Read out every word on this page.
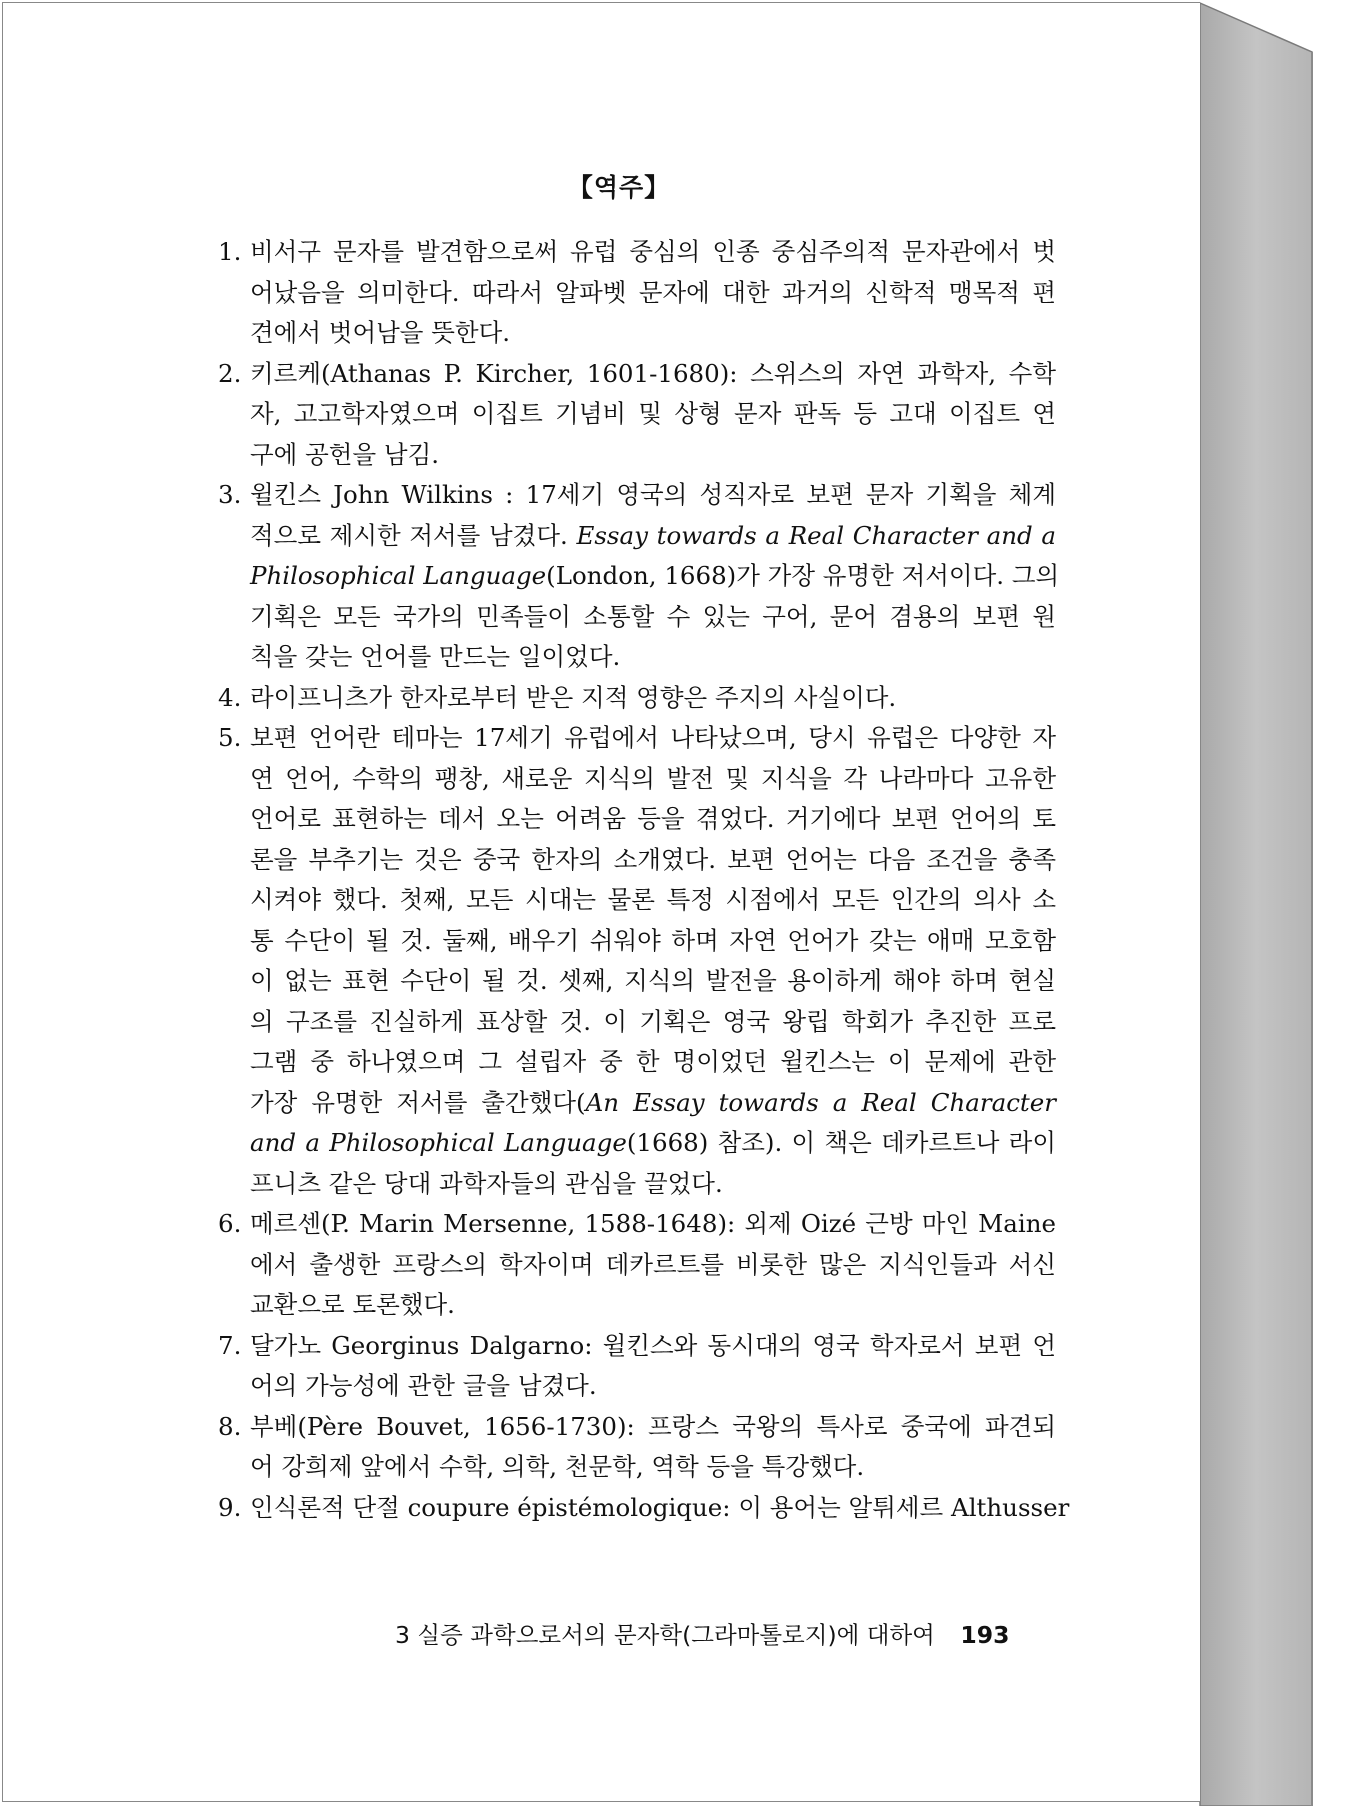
【역주】
1. 비서구 문자를 발견함으로써 유럽 중심의 인종 중심주의적 문자관에서 벗
어났음을 의미한다. 따라서 알파벳 문자에 대한 과거의 신학적 맹목적 편
견에서 벗어남을 뜻한다.
2. 키르케(Athanas P. Kircher, 1601-1680): 스위스의 자연 과학자, 수학
자, 고고학자였으며 이집트 기념비 및 상형 문자 판독 등 고대 이집트 연
구에 공헌을 남김.
3. 윌킨스 John Wilkins : 17세기 영국의 성직자로 보편 문자 기획을 체계
적으로 제시한 저서를 남겼다. Essay towards a Real Character and a
Philosophical Language(London, 1668)가 가장 유명한 저서이다. 그의
기획은 모든 국가의 민족들이 소통할 수 있는 구어, 문어 겸용의 보편 원
칙을 갖는 언어를 만드는 일이었다.
4. 라이프니츠가 한자로부터 받은 지적 영향은 주지의 사실이다.
5. 보편 언어란 테마는 17세기 유럽에서 나타났으며, 당시 유럽은 다양한 자
연 언어, 수학의 팽창, 새로운 지식의 발전 및 지식을 각 나라마다 고유한
언어로 표현하는 데서 오는 어려움 등을 겪었다. 거기에다 보편 언어의 토
론을 부추기는 것은 중국 한자의 소개였다. 보편 언어는 다음 조건을 충족
시켜야 했다. 첫째, 모든 시대는 물론 특정 시점에서 모든 인간의 의사 소
통 수단이 될 것. 둘째, 배우기 쉬워야 하며 자연 언어가 갖는 애매 모호함
이 없는 표현 수단이 될 것. 셋째, 지식의 발전을 용이하게 해야 하며 현실
의 구조를 진실하게 표상할 것. 이 기획은 영국 왕립 학회가 추진한 프로
그램 중 하나였으며 그 설립자 중 한 명이었던 윌킨스는 이 문제에 관한
가장 유명한 저서를 출간했다(An Essay towards a Real Character
and a Philosophical Language(1668) 참조). 이 책은 데카르트나 라이
프니츠 같은 당대 과학자들의 관심을 끌었다.
6. 메르센(P. Marin Mersenne, 1588-1648): 외제 Oizé 근방 마인 Maine
에서 출생한 프랑스의 학자이며 데카르트를 비롯한 많은 지식인들과 서신
교환으로 토론했다.
7. 달가노 Georginus Dalgarno: 윌킨스와 동시대의 영국 학자로서 보편 언
어의 가능성에 관한 글을 남겼다.
8. 부베(Père Bouvet, 1656-1730): 프랑스 국왕의 특사로 중국에 파견되
어 강희제 앞에서 수학, 의학, 천문학, 역학 등을 특강했다.
9. 인식론적 단절 coupure épistémologique: 이 용어는 알튀세르 Althusser
3 실증 과학으로서의 문자학(그라마톨로지)에 대하여 193
